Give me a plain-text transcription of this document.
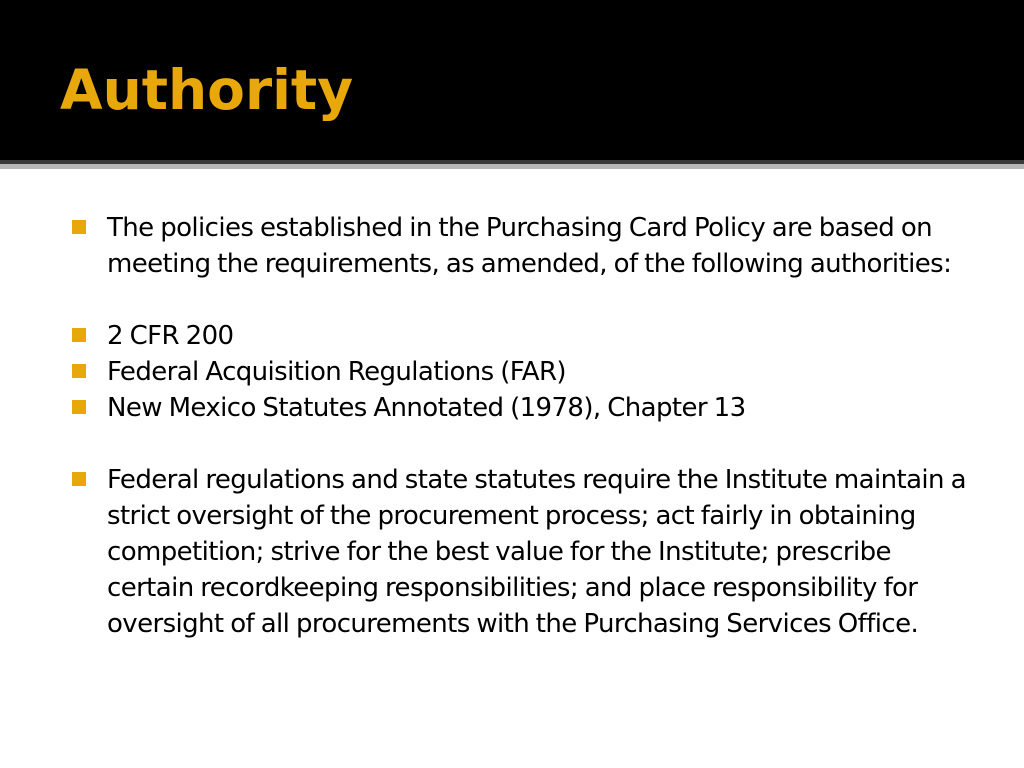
Authority
The policies established in the Purchasing Card Policy are based on meeting the requirements, as amended, of the following authorities:
2 CFR 200
Federal Acquisition Regulations (FAR)
New Mexico Statutes Annotated (1978), Chapter 13
Federal regulations and state statutes require the Institute maintain a strict oversight of the procurement process; act fairly in obtaining competition; strive for the best value for the Institute; prescribe certain recordkeeping responsibilities; and place responsibility for oversight of all procurements with the Purchasing Services Office.
